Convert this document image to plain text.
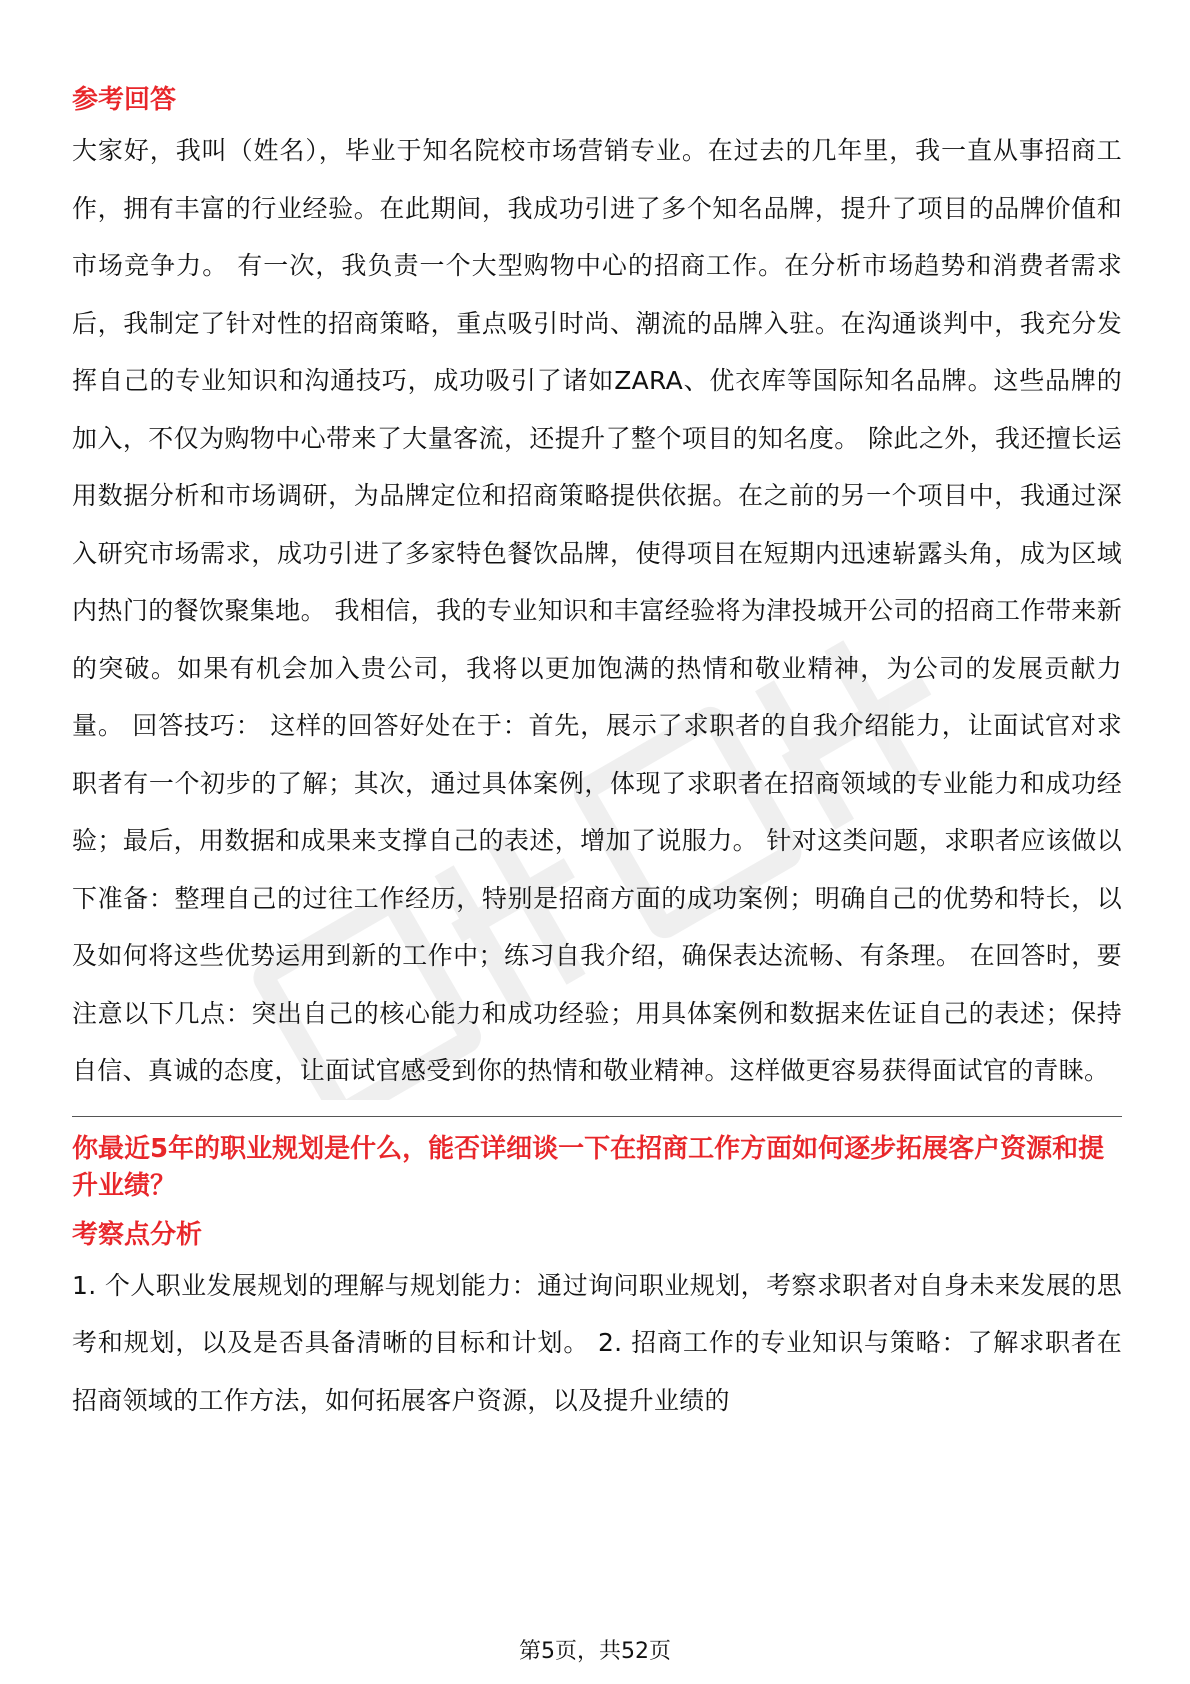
参考回答

大家好，我叫（姓名），毕业于知名院校市场营销专业。在过去的几年里，我一直从事招商工作，拥有丰富的行业经验。在此期间，我成功引进了多个知名品牌，提升了项目的品牌价值和市场竞争力。 有一次，我负责一个大型购物中心的招商工作。在分析市场趋势和消费者需求后，我制定了针对性的招商策略，重点吸引时尚、潮流的品牌入驻。在沟通谈判中，我充分发挥自己的专业知识和沟通技巧，成功吸引了诸如ZARA、优衣库等国际知名品牌。这些品牌的加入，不仅为购物中心带来了大量客流，还提升了整个项目的知名度。 除此之外，我还擅长运用数据分析和市场调研，为品牌定位和招商策略提供依据。在之前的另一个项目中，我通过深入研究市场需求，成功引进了多家特色餐饮品牌，使得项目在短期内迅速崭露头角，成为区域内热门的餐饮聚集地。 我相信，我的专业知识和丰富经验将为津投城开公司的招商工作带来新的突破。如果有机会加入贵公司，我将以更加饱满的热情和敬业精神，为公司的发展贡献力量。 回答技巧： 这样的回答好处在于：首先，展示了求职者的自我介绍能力，让面试官对求职者有一个初步的了解；其次，通过具体案例，体现了求职者在招商领域的专业能力和成功经验；最后，用数据和成果来支撑自己的表述，增加了说服力。 针对这类问题，求职者应该做以下准备：整理自己的过往工作经历，特别是招商方面的成功案例；明确自己的优势和特长，以及如何将这些优势运用到新的工作中；练习自我介绍，确保表达流畅、有条理。 在回答时，要注意以下几点：突出自己的核心能力和成功经验；用具体案例和数据来佐证自己的表述；保持自信、真诚的态度，让面试官感受到你的热情和敬业精神。这样做更容易获得面试官的青睐。

你最近5年的职业规划是什么，能否详细谈一下在招商工作方面如何逐步拓展客户资源和提升业绩？

考察点分析

1. 个人职业发展规划的理解与规划能力：通过询问职业规划，考察求职者对自身未来发展的思考和规划，以及是否具备清晰的目标和计划。 2. 招商工作的专业知识与策略：了解求职者在招商领域的工作方法，如何拓展客户资源，以及提升业绩的

第5页，共52页
